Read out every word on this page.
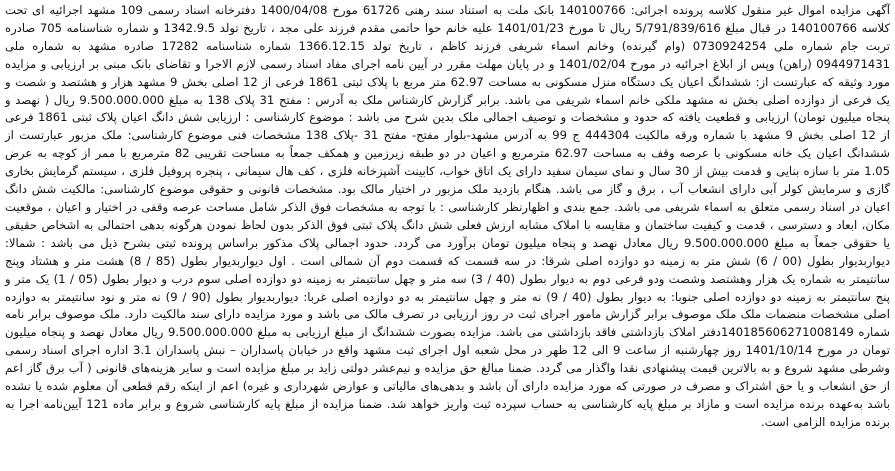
آگهی مزایده اموال غیر منقول کلاسه پرونده اجرائی: 140100766 بانک ملت به استناد سند رهنی 61726 مورخ 1400/04/08 دفترخانه اسناد رسمی 109 مشهد اجرائیه ای تحت کلاسه 140100766 در قبال مبلغ 5/791/839/616 ریال تا مورخ 1401/01/23 علیه خانم حوا حاتمی مقدم فرزند علی مجد ، تاریخ تولد 1342.9.5 و شماره شناسنامه 705 صادره تربت جام شماره ملی 0730924254 (وام گیرنده) وخانم اسماء شریفی فرزند کاظم ، تاریخ تولد 1366.12.15 شماره شناسنامه 17282 صادره مشهد به شماره ملی 0944971431 (راهن) وپس از ابلاغ اجرائیه در مورخ 1401/02/04 و در پایان مهلت مقرر در آیین نامه اجرای مفاد اسناد رسمی لازم الاجرا و تقاضای بانک مبنی بر ارزیابی و مزایده مورد وثیقه که عبارتست از: ششدانگ اعیان یک دستگاه منزل مسکونی به مساحت 62.97 متر مربع با پلاک ثبتی 1861 فرعی از 12 اصلی بخش 9 مشهد هزار و هشتصد و شصت و یک فرعی از دوازده اصلی بخش نه مشهد ملکی خانم اسماء شریفی می باشد. برابر گزارش کارشناس ملک به آدرس : مفتح 31 پلاک 138 به مبلغ 9.500.000.000 ریال ( نهصد و پنجاه میلیون تومان) ارزیابی و قطعیت یافته که حدود و مشخصات و توصیف اجمالی ملک بدین شرح می باشد : موضوع کارشناسی : ارزیابی شش دانگ اعیان پلاک ثبتی 1861 فرعی از 12 اصلی بخش 9 مشهد با شماره ورقه مالکیت 444304 ج 99 به آدرس مشهد-بلوار مفتح- مفتح 31 -پلاک 138 مشخصات فنی موضوع کارشناسی: ملک مزبور عبارتست از ششدانگ اعیان یک خانه مسکونی با عرصه وقف به مساحت 62.97 مترمربع و اعیان در دو طبقه زیرزمین و همکف جمعاً به مساحت تقریبی 82 مترمربع با ممر از کوچه به عرض 1.05 متر با سازه بنایی و قدمت بیش از 30 سال و نمای سیمان سفید دارای یک اتاق خواب، کابینت آشپزخانه فلزی ، کف هال سیمانی ، پنجره پروفیل فلزی ، سیستم گرمایش بخاری گازی و سرمایش کولر آبی دارای انشعاب آب ، برق و گاز می باشد. هنگام بازدید ملک مزبور در اختیار مالک بود. مشخصات قانونی و حقوقی موضوع کارشناسی: مالکیت شش دانگ اعیان در اسناد رسمی متعلق به اسماء شریفی می باشد. جمع بندی و اظهارنظر کارشناسی : با توجه به مشخصات فوق الذکر شامل مساحت عرصه وقفی در اختیار و اعیان ، موقعیت مکان، ابعاد و دسترسی ، قدمت و کیفیت ساختمان و مقایسه با املاک مشابه ارزش فعلی شش دانگ پلاک ثبتی فوق الذکر بدون لحاظ نمودن هرگونه بدهی احتمالی به اشخاص حقیقی یا حقوقی جمعاً به مبلغ 9.500.000.000 ریال معادل نهصد و پنجاه میلیون تومان برآورد می گردد. حدود اجمالی پلاک مذکور براساس پرونده ثبتی بشرح ذیل می باشد : شمالا: دیواربدیوار بطول (00 / 6) شش متر به زمینه دو دوازده اصلی شرقا: در سه قسمت که قسمت دوم آن شمالی است . اول دیواربدیوار بطول (85 / 8) هشت متر و هشتاد وپنج سانتیمتر به شماره یک هزار وهشتصد وشصت ودو فرعی دوم به دیوار بطول (40 / 3) سه متر و چهل سانتیمتر به زمینه دو دوازده اصلی سوم درب و دیوار بطول (05 / 1) یک متر و پنج سانتیمتر به زمینه دو دوازده اصلی جنوبا: به دیوار بطول (40 / 9) نه متر و چهل سانتیمتر به دو دوازده اصلی غربا: دیواربدیوار بطول (90 / 9) نه متر و نود سانتیمتر به دوازده اصلی مشخصات منضمات ملک ملک موصوف برابر گزارش مامور اجرای ثبت در روز ارزیابی در تصرف مالک می باشد و مورد مزایده دارای سند مالکیت دارد. ملک موصوف برابر نامه شماره 140185606271008149دفتر املاک بازداشتی فاقد بازداشتی می باشد. مزایده بصورت ششدانگ از مبلغ ارزیابی به مبلغ 9.500.000.000 ریال معادل نهصد و پنجاه میلیون تومان در مورخ 1401/10/14 روز چهارشنبه از ساعت 9 الی 12 ظهر در محل شعبه اول اجرای ثبت مشهد واقع در خیابان پاسداران – نبش پاسداران 3.1 اداره اجرای اسناد رسمی وشرطی مشهد شروع و به بالاترین قیمت پیشنهادی نقدا واگذار می گردد. ضمنا مبالغ حق مزایده و نیم‌عشر دولتی زاید بر مبلغ مزایده است و سایر هزینه‌های قانونی ( آب برق گاز اعم از حق انشعاب و یا حق اشتراک و مصرف در صورتی که مورد مزایده دارای آن باشد و بدهی‌های مالیاتی و عوارض شهرداری و غیره) اعم از اینکه رقم قطعی آن معلوم شده یا نشده باشد به‌عهده برنده مزایده است و مازاد بر مبلغ پایه کارشناسی به حساب سپرده ثبت واریز خواهد شد. ضمنا مزایده از مبلغ پایه کارشناسی شروع و برابر ماده 121 آیین‌نامه اجرا به برنده مزایده الزامی است.
